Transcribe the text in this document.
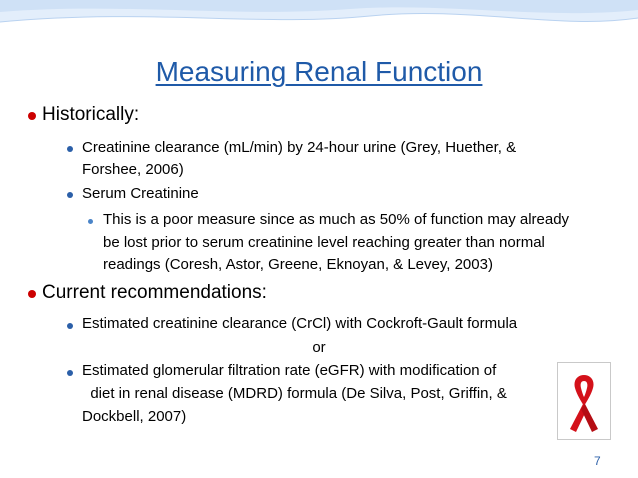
Measuring Renal Function
Historically:
Creatinine clearance (mL/min) by 24-hour urine (Grey, Huether, &
Forshee, 2006)
Serum Creatinine
This is a poor measure since as much as 50% of function may already
be lost prior to serum creatinine level reaching greater than normal
readings (Coresh, Astor, Greene, Eknoyan, & Levey, 2003)
Current recommendations:
Estimated creatinine clearance (CrCl) with Cockroft-Gault formula
or
Estimated glomerular filtration rate (eGFR) with modification of
diet in renal disease (MDRD) formula (De Silva, Post, Griffin, &
Dockbell, 2007)
7
